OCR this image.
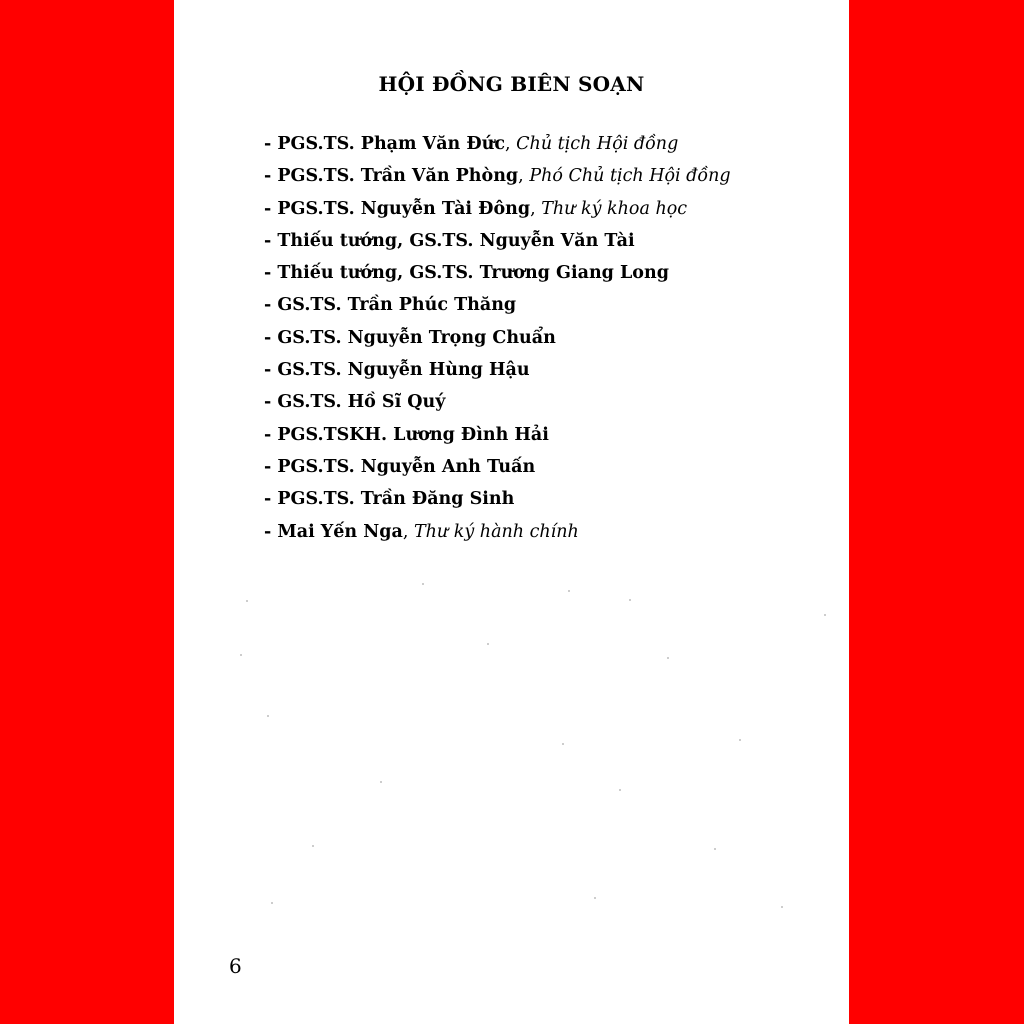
HỘI ĐỒNG BIÊN SOẠN
- PGS.TS. Phạm Văn Đức, Chủ tịch Hội đồng
- PGS.TS. Trần Văn Phòng, Phó Chủ tịch Hội đồng
- PGS.TS. Nguyễn Tài Đông, Thư ký khoa học
- Thiếu tướng, GS.TS. Nguyễn Văn Tài
- Thiếu tướng, GS.TS. Trương Giang Long
- GS.TS. Trần Phúc Thăng
- GS.TS. Nguyễn Trọng Chuẩn
- GS.TS. Nguyễn Hùng Hậu
- GS.TS. Hồ Sĩ Quý
- PGS.TSKH. Lương Đình Hải
- PGS.TS. Nguyễn Anh Tuấn
- PGS.TS. Trần Đăng Sinh
- Mai Yến Nga, Thư ký hành chính
6
